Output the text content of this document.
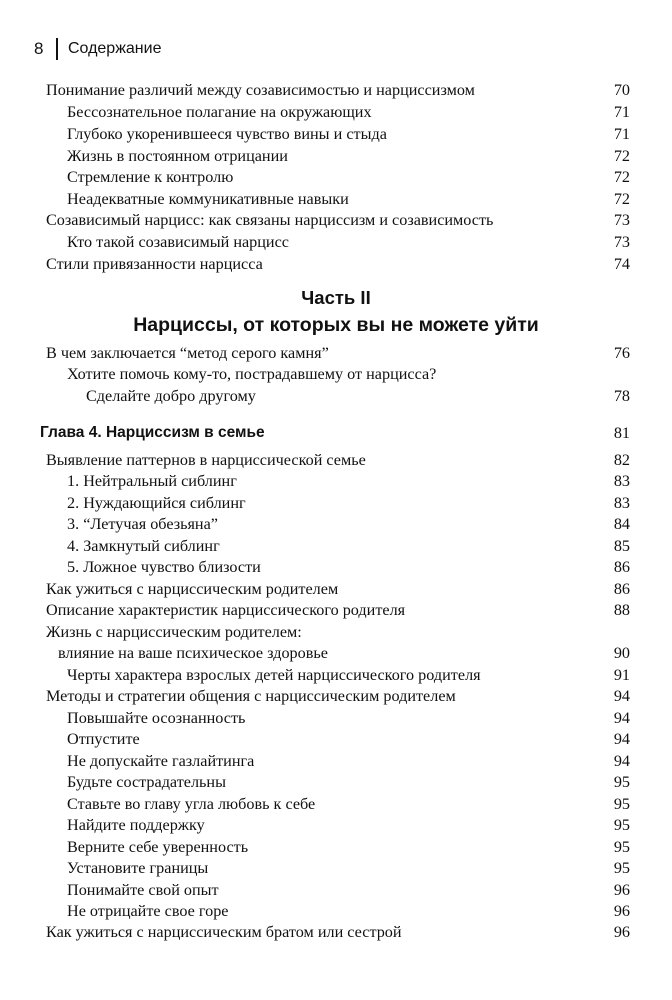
8 Содержание
Понимание различий между созависимостью и нарциссизмом	70
Бессознательное полагание на окружающих	71
Глубоко укоренившееся чувство вины и стыда	71
Жизнь в постоянном отрицании	72
Стремление к контролю	72
Неадекватные коммуникативные навыки	72
Созависимый нарцисс: как связаны нарциссизм и созависимость	73
Кто такой созависимый нарцисс	73
Стили привязанности нарцисса	74
Часть II
Нарциссы, от которых вы не можете уйти
В чем заключается “метод серого камня”	76
Хотите помочь кому-то, пострадавшему от нарцисса?
Сделайте добро другому	78
Глава 4. Нарциссизм в семье	81
Выявление паттернов в нарциссической семье	82
1. Нейтральный сиблинг	83
2. Нуждающийся сиблинг	83
3. “Летучая обезьяна”	84
4. Замкнутый сиблинг	85
5. Ложное чувство близости	86
Как ужиться с нарциссическим родителем	86
Описание характеристик нарциссического родителя	88
Жизнь с нарциссическим родителем:
влияние на ваше психическое здоровье	90
Черты характера взрослых детей нарциссического родителя	91
Методы и стратегии общения с нарциссическим родителем	94
Повышайте осознанность	94
Отпустите	94
Не допускайте газлайтинга	94
Будьте сострадательны	95
Ставьте во главу угла любовь к себе	95
Найдите поддержку	95
Верните себе уверенность	95
Установите границы	95
Понимайте свой опыт	96
Не отрицайте свое горе	96
Как ужиться с нарциссическим братом или сестрой	96
